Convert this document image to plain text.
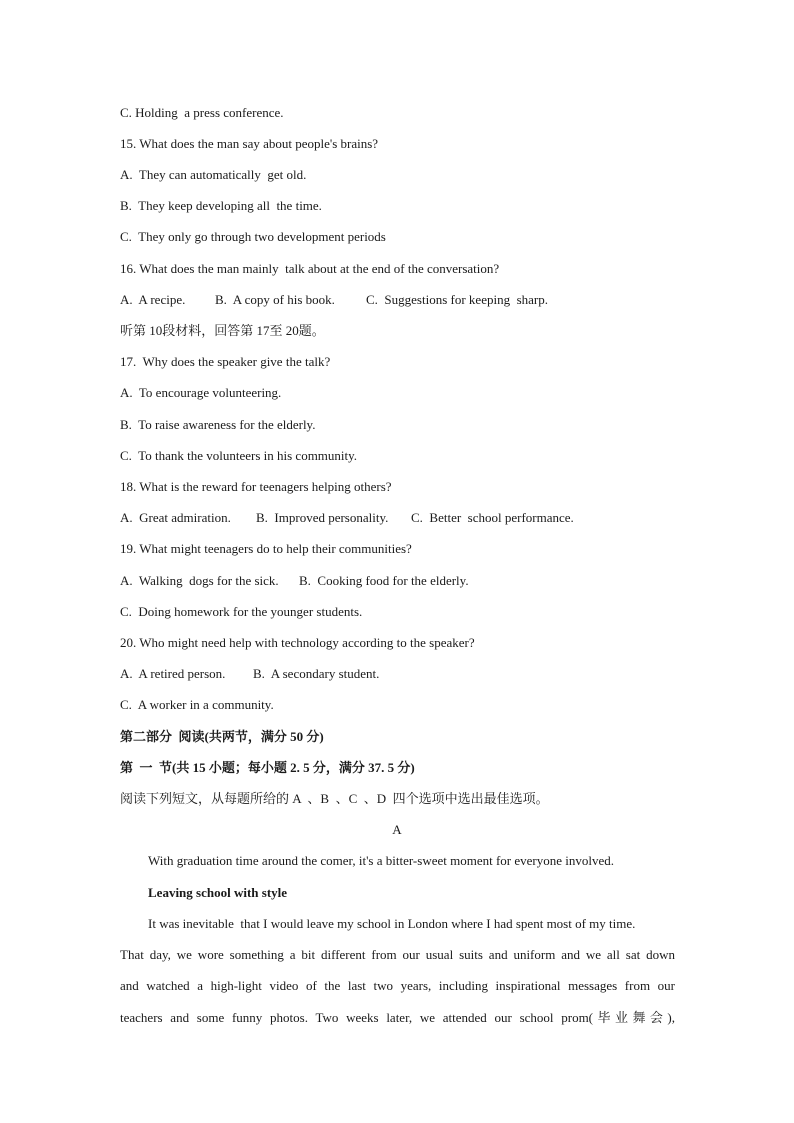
C. Holding  a press conference.
15. What does the man say about people's brains?
A.  They can automatically  get old.
B.  They keep developing all  the time.
C.  They only go through two development periods
16. What does the man mainly  talk about at the end of the conversation?
A.  A recipe. B.  A copy of his book. C.  Suggestions for keeping  sharp.
听第 10段材料，回答第 17至 20题。
17.  Why does the speaker give the talk?
A.  To encourage volunteering.
B.  To raise awareness for the elderly.
C.  To thank the volunteers in his community.
18. What is the reward for teenagers helping others?
A.  Great admiration. B.  Improved personality. C.  Better  school performance.
19. What might teenagers do to help their communities?
A.  Walking  dogs for the sick. B.  Cooking food for the elderly.
C.  Doing homework for the younger students.
20. Who might need help with technology according to the speaker?
A.  A retired person. B.  A secondary student.
C.  A worker in a community.
第二部分  阅读(共两节，满分 50 分)
第  一  节(共 15 小题；每小题 2. 5 分，满分 37. 5 分)
阅读下列短文，从每题所给的 A  、B  、C  、D  四个选项中选出最佳选项。
A
With graduation time around the comer, it's a bitter-sweet moment for everyone involved.
Leaving school with style
It was inevitable  that I would leave my school in London where I had spent most of my time.
That day, we wore something a bit different from our usual suits and uniform and we all sat down
and watched a high-light video of the last two years, including inspirational messages from our
teachers and some funny photos. Two weeks later, we attended our school prom(毕业舞会),
